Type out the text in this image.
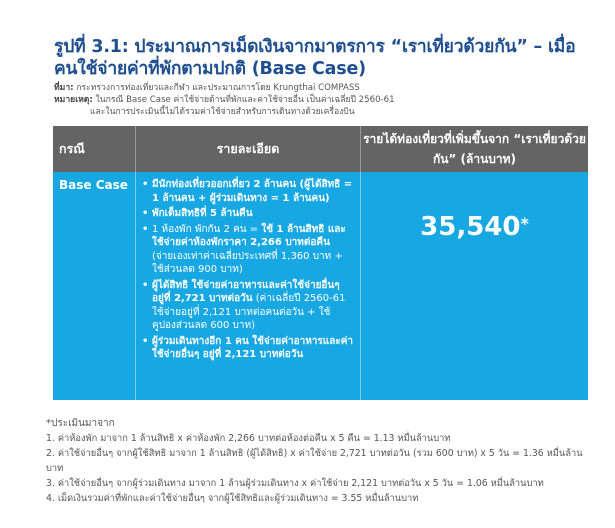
รูปที่ 3.1: ประมาณการเม็ดเงินจากมาตรการ “เราเที่ยวด้วยกัน” – เมื่อคนใช้จ่ายค่าที่พักตามปกติ (Base Case)
ที่มา: กระทรวงการท่องเที่ยวและกีฬา และประมาณการโดย Krungthai COMPASS
หมายเหตุ: ในกรณี Base Case ค่าใช้จ่ายด้านที่พักและค่าใช้จ่ายอื่น เป็นค่าเฉลี่ยปี 2560-61
และในการประเมินนี้ไม่ได้รวมค่าใช้จ่ายสำหรับการเดินทางด้วยเครื่องบิน
กรณี	รายละเอียด
รายได้ท่องเที่ยวที่เพิ่มขึ้นจาก “เราเที่ยวด้วยกัน” (ล้านบาท)
Base Case
•	มีนักท่องเที่ยวออกเที่ยว 2 ล้านคน (ผู้ได้สิทธิ = 1 ล้านคน + ผู้ร่วมเดินทาง = 1 ล้านคน)
• พักเต็มสิทธิที่ 5 ล้านคืน
• 1 ห้องพัก พักกัน 2 คน = ใช้ 1 ล้านสิทธิ และใช้จ่ายค่าห้องพักราคา 2,266 บาทต่อคืน (จ่ายเองเท่าค่าเฉลี่ยประเทศที่ 1,360 บาท + ใช้ส่วนลด 900 บาท)
• ผู้ได้สิทธิ ใช้จ่ายค่าอาหารและค่าใช้จ่ายอื่นๆ อยู่ที่ 2,721 บาทต่อวัน (ค่าเฉลี่ยปี 2560-61 ใช้จ่ายอยู่ที่ 2,121 บาทต่อคนต่อวัน + ใช้คูปองส่วนลด 600 บาท)
• ผู้ร่วมเดินทางอีก 1 คน ใช้จ่ายค่าอาหารและค่าใช้จ่ายอื่นๆ อยู่ที่ 2,121 บาทต่อวัน
35,540*

*ประเมินมาจาก

1. ค่าห้องพัก มาจาก 1 ล้านสิทธิ x ค่าห้องพัก 2,266 บาทต่อห้องต่อคืน x 5 คืน = 1.13 หมื่นล้านบาท

2. ค่าใช้จ่ายอื่นๆ จากผู้ใช้สิทธิ มาจาก 1 ล้านสิทธิ (ผู้ได้สิทธิ) x ค่าใช้จ่าย 2,721 บาทต่อวัน (รวม 600 บาท) x 5 วัน = 1.36 หมื่นล้านบาท

3. ค่าใช้จ่ายอื่นๆ จากผู้ร่วมเดินทาง มาจาก 1 ล้านผู้ร่วมเดินทาง x ค่าใช้จ่าย 2,121 บาทต่อวัน x 5 วัน = 1.06 หมื่นล้านบาท

4. เม็ดเงินรวมค่าที่พักและค่าใช้จ่ายอื่นๆ จากผู้ใช้สิทธิและผู้ร่วมเดินทาง = 3.55 หมื่นล้านบาท
